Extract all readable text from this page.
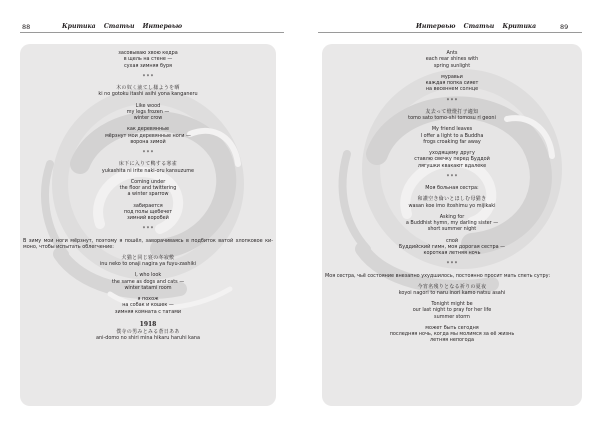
88	Критика Статьи Интервью
засовываю хвою кедра
в щель на стене —
сухая зимняя буря
* * *
木の奴く液てし様ようを晒
ki no gotoku itashi asihi yona kanganeru
Like wood
my legs frozen —
winter crow
как деревянные
мёрзнут мои деревянные ноги —
ворона зимой
* * *
床下に入りて鴨する寒雀
yukashita ni irite naki-oru kansuzume
Coming under
the floor and twittering
a winter sparrow
забирается
под полы щебечет
зимний воробей
* * *
В зиму мои ноги мёрзнут, поэтому я пошёл, заворачиваясь в подбиток ватой хлопковое ки-моно, чтобы испытать облегчение:
犬猫と同じ寝の冬寂敷
inu neko to onaji nagira ya fuyu-zashiki
I, who look
the same as dogs and cats —
winter tatami room
я похож
на собак и кошек —
зимняя комната с татами
1918
僕寺の男みとみる蒼日ああ
ani-domo no shiri mina hikaru haruhi kana
Интервью Статьи Критика	89
Ants
each rear shines with
spring sunlight
муравьи
каждая попка сияет
на весеннем солнце
* * *
友去って燈燈打子適知
tomo sato tomo-shi tomosu ri geoni
My friend leaves
I offer a light to a Buddha
frogs croaking far away
уходящему другу
ставлю свечку перед Буддой
лягушки квакают вдалеке
* * *
Моя больная сестра:
和讃空き倫いとほしむ母猫き
wasan koe imo itoshimu yo mijikaki
Asking for
a Buddhist hymn, my darling sister —
short summer night
спой
Буддийский гимн, моя дорогая сестра —
короткая летняя ночь
* * *
Моя сестра, чьё состояние внезапно ухудшилось, постоянно просит мать спеть сутру:
今宵名残りとなる祈りの夏夜
koyoi nagori to naru inori kamo natsu asahi
Tonight might be
our last night to pray for her life
summer storm
может быть сегодня
последняя ночь, когда мы молимся за её жизнь
летняя непогода
